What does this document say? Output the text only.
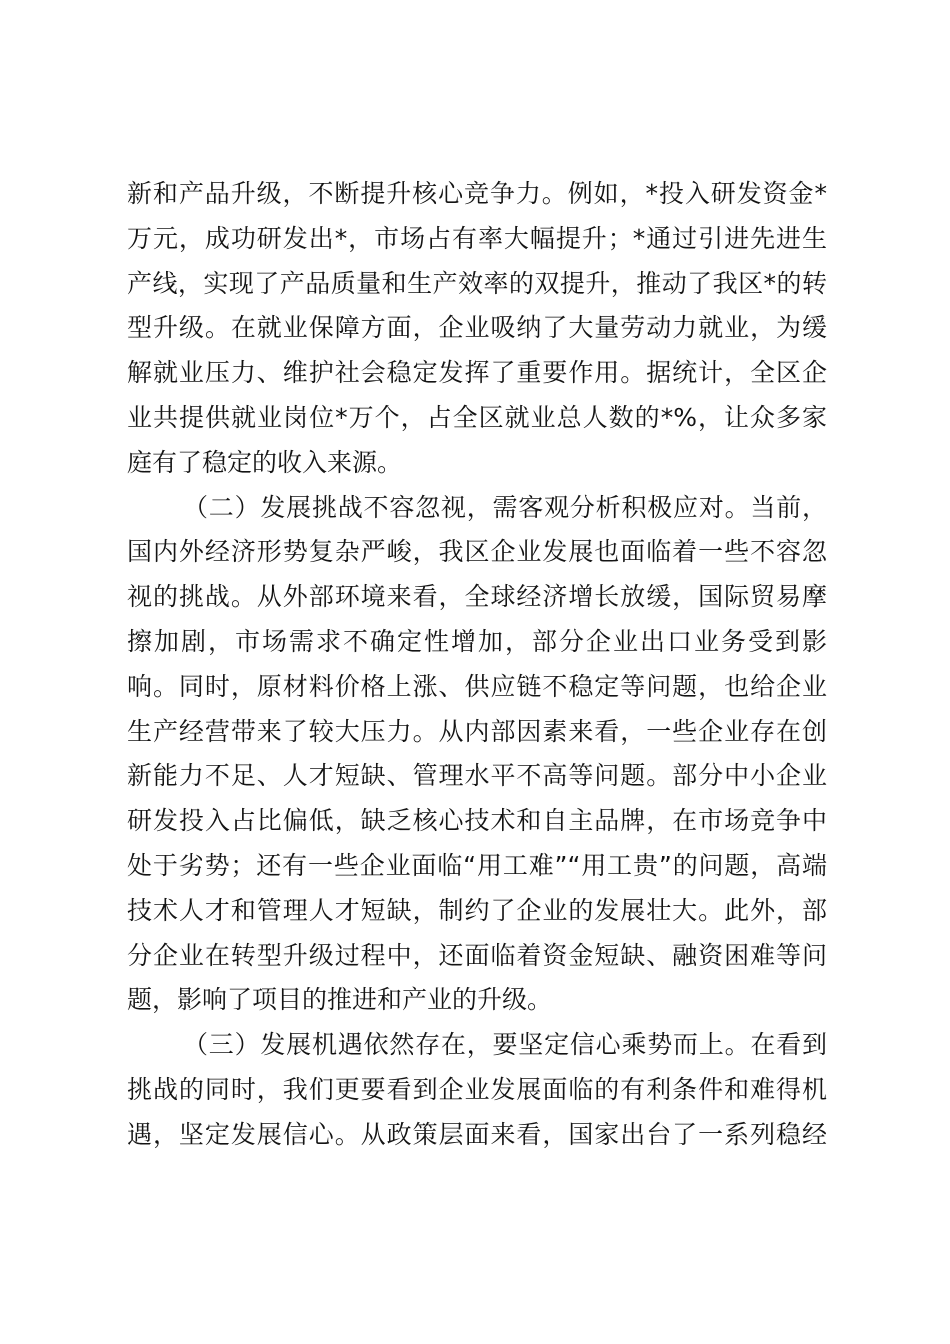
新和产品升级，不断提升核心竞争力。例如，*投入研发资金*
万元，成功研发出*，市场占有率大幅提升；*通过引进先进生
产线，实现了产品质量和生产效率的双提升，推动了我区*的转
型升级。在就业保障方面，企业吸纳了大量劳动力就业，为缓
解就业压力、维护社会稳定发挥了重要作用。据统计，全区企
业共提供就业岗位*万个，占全区就业总人数的*%，让众多家
庭有了稳定的收入来源。
（二）发展挑战不容忽视，需客观分析积极应对。当前，
国内外经济形势复杂严峻，我区企业发展也面临着一些不容忽
视的挑战。从外部环境来看，全球经济增长放缓，国际贸易摩
擦加剧，市场需求不确定性增加，部分企业出口业务受到影
响。同时，原材料价格上涨、供应链不稳定等问题，也给企业
生产经营带来了较大压力。从内部因素来看，一些企业存在创
新能力不足、人才短缺、管理水平不高等问题。部分中小企业
研发投入占比偏低，缺乏核心技术和自主品牌，在市场竞争中
处于劣势；还有一些企业面临“用工难”“用工贵”的问题，高端
技术人才和管理人才短缺，制约了企业的发展壮大。此外，部
分企业在转型升级过程中，还面临着资金短缺、融资困难等问
题，影响了项目的推进和产业的升级。
（三）发展机遇依然存在，要坚定信心乘势而上。在看到
挑战的同时，我们更要看到企业发展面临的有利条件和难得机
遇，坚定发展信心。从政策层面来看，国家出台了一系列稳经
